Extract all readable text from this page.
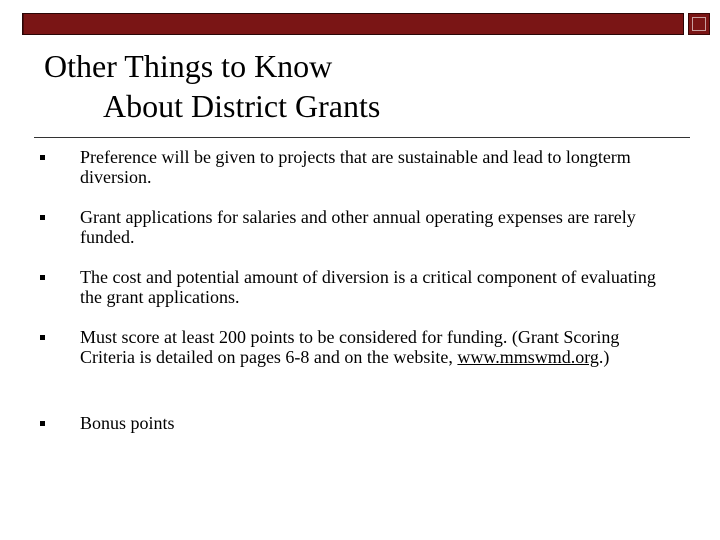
Other Things to Know
About District Grants
Preference will be given to projects that are sustainable and lead to longterm diversion.
Grant applications for salaries and other annual operating expenses are rarely funded.
The cost and potential amount of diversion is a critical component of evaluating the grant applications.
Must score at least 200 points to be considered for funding. (Grant Scoring Criteria is detailed on pages 6-8 and on the website, www.mmswmd.org.)
Bonus points
